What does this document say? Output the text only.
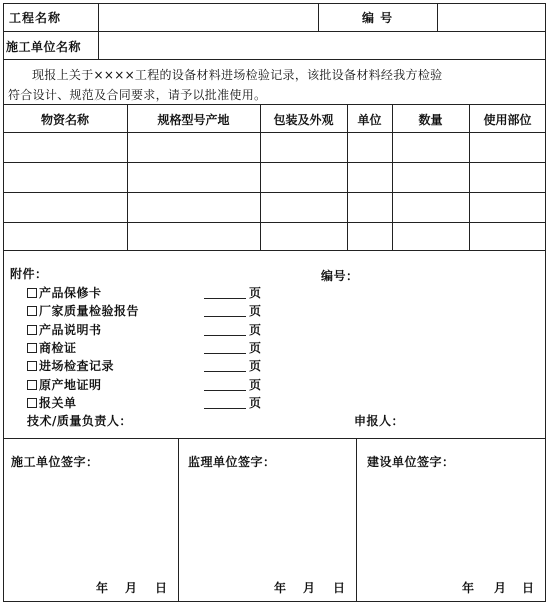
工程名称	编 号
施工单位名称
现报上关于××××工程的设备材料进场检验记录，该批设备材料经我方检验
符合设计、规范及合同要求，请予以批准使用。
物资名称	规格型号产地	包装及外观	单位	数量	使用部位
附件：	编号：
产品保修卡	页
厂家质量检验报告	页
产品说明书	页
商检证	页
进场检查记录	页
原产地证明	页
报关单	页
技术/质量负责人：	申报人：
施工单位签字：	监理单位签字：	建设单位签字：
年 月 日	年 月 日	年 月 日
